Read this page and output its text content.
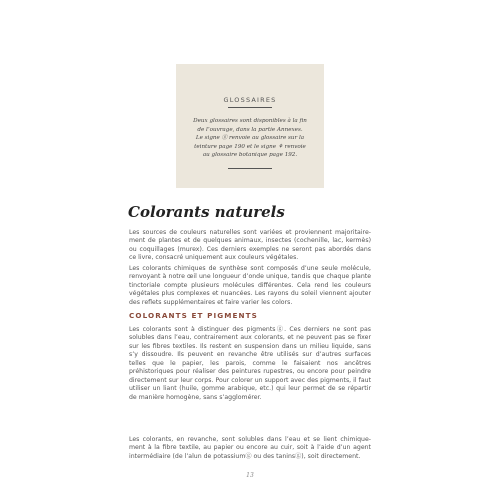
GLOSSAIRES

Deux glossaires sont disponibles à la fin
de l’ouvrage, dans la partie Annexes.
Le signe ⓖ renvoie au glossaire sur la
teinture page 190 et le signe ⚘ renvoie
au glossaire botanique page 192.

Colorants naturels

Les sources de couleurs naturelles sont variées et proviennent majoritaire- ment de plantes et de quelques animaux, insectes (cochenille, lac, kermès) ou coquillages (murex). Ces derniers exemples ne seront pas abordés dans ce livre, consacré uniquement aux couleurs végétales.

Les colorants chimiques de synthèse sont composés d’une seule molécule, renvoyant à notre œil une longueur d’onde unique, tandis que chaque plante tinctoriale compte plusieurs molécules différentes. Cela rend les couleurs végétales plus complexes et nuancées. Les rayons du soleil viennent ajouter des reflets supplémentaires et faire varier les colors.

COLORANTS ET PIGMENTS

Les colorants sont à distinguer des pigmentsⓖ. Ces derniers ne sont pas solubles dans l’eau, contrairement aux colorants, et ne peuvent pas se fixer sur les fibres textiles. Ils restent en suspension dans un milieu liquide, sans s’y dissoudre. Ils peuvent en revanche être utilisés sur d’autres surfaces telles que le papier, les parois, comme le faisaient nos ancêtres préhistoriques pour réaliser des peintures rupestres, ou encore pour peindre directement sur leur corps. Pour colorer un support avec des pigments, il faut utiliser un liant (huile, gomme arabique, etc.) qui leur permet de se répartir de manière homogène, sans s’agglomérer.

Les colorants, en revanche, sont solubles dans l’eau et se lient chimique- ment à la fibre textile, au papier ou encore au cuir, soit à l’aide d’un agent intermédiaire (de l’alun de potassiumⓖ ou des taninsⓖ), soit directement.

13
